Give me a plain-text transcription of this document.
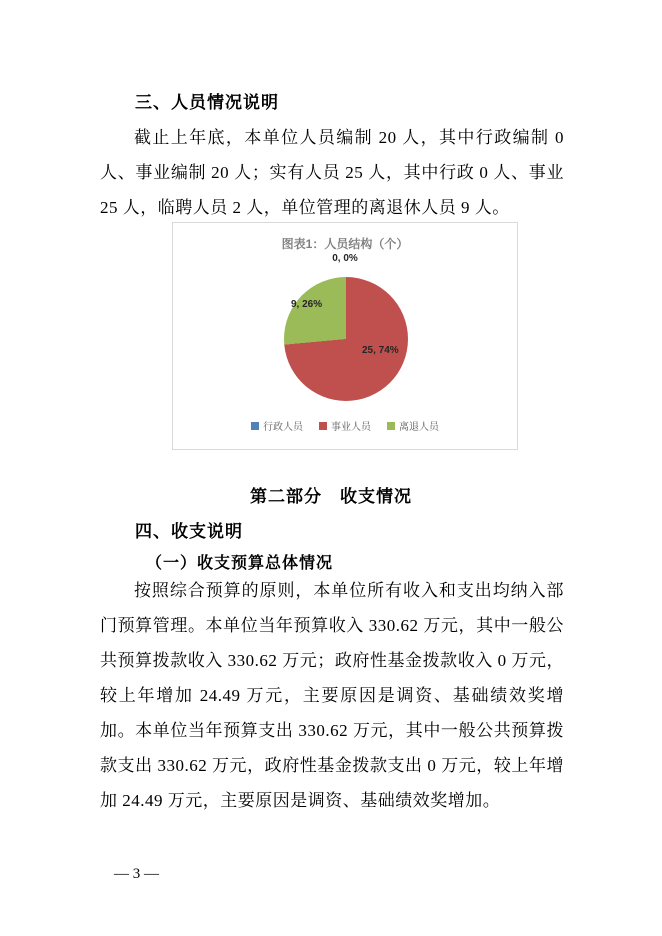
三、人员情况说明

截止上年底，本单位人员编制 20 人，其中行政编制 0 人、事业编制 20 人；实有人员 25 人，其中行政 0 人、事业 25 人，临聘人员 2 人，单位管理的离退休人员 9 人。

图表1：人员结构（个）
0, 0%
25, 74%
9, 26%
行政人员	事业人员	离退人员
第二部分　收支情况
四、收支说明
（一）收支预算总体情况

按照综合预算的原则，本单位所有收入和支出均纳入部门预算管理。本单位当年预算收入 330.62 万元，其中一般公共预算拨款收入 330.62 万元；政府性基金拨款收入 0 万元，较上年增加 24.49 万元，主要原因是调资、基础绩效奖增加。本单位当年预算支出 330.62 万元，其中一般公共预算拨款支出 330.62 万元，政府性基金拨款支出 0 万元，较上年增加 24.49 万元，主要原因是调资、基础绩效奖增加。

— 3 —
